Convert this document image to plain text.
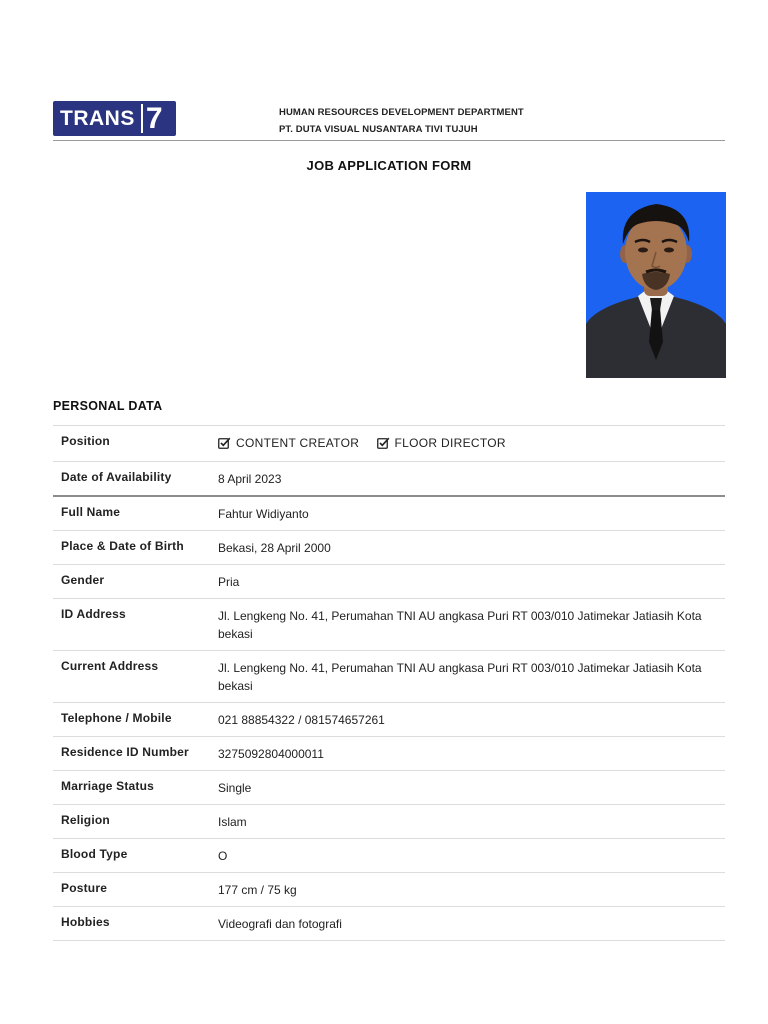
TRANS 7	HUMAN RESOURCES DEVELOPMENT DEPARTMENT
PT. DUTA VISUAL NUSANTARA TIVI TUJUH
JOB APPLICATION FORM
PERSONAL DATA
Position	CONTENT CREATOR
	FLOOR DIRECTOR
Date of Availability	8 April 2023
Full Name	Fahtur Widiyanto
Place & Date of Birth	Bekasi, 28 April 2000
Gender	Pria
ID Address	Jl. Lengkeng No. 41, Perumahan TNI AU angkasa Puri RT 003/010 Jatimekar Jatiasih Kota bekasi
Current Address	Jl. Lengkeng No. 41, Perumahan TNI AU angkasa Puri RT 003/010 Jatimekar Jatiasih Kota bekasi
Telephone / Mobile	021 88854322 / 081574657261
Residence ID Number	3275092804000011
Marriage Status	Single
Religion	Islam
Blood Type	O
Posture	177 cm / 75 kg
Hobbies	Videografi dan fotografi
